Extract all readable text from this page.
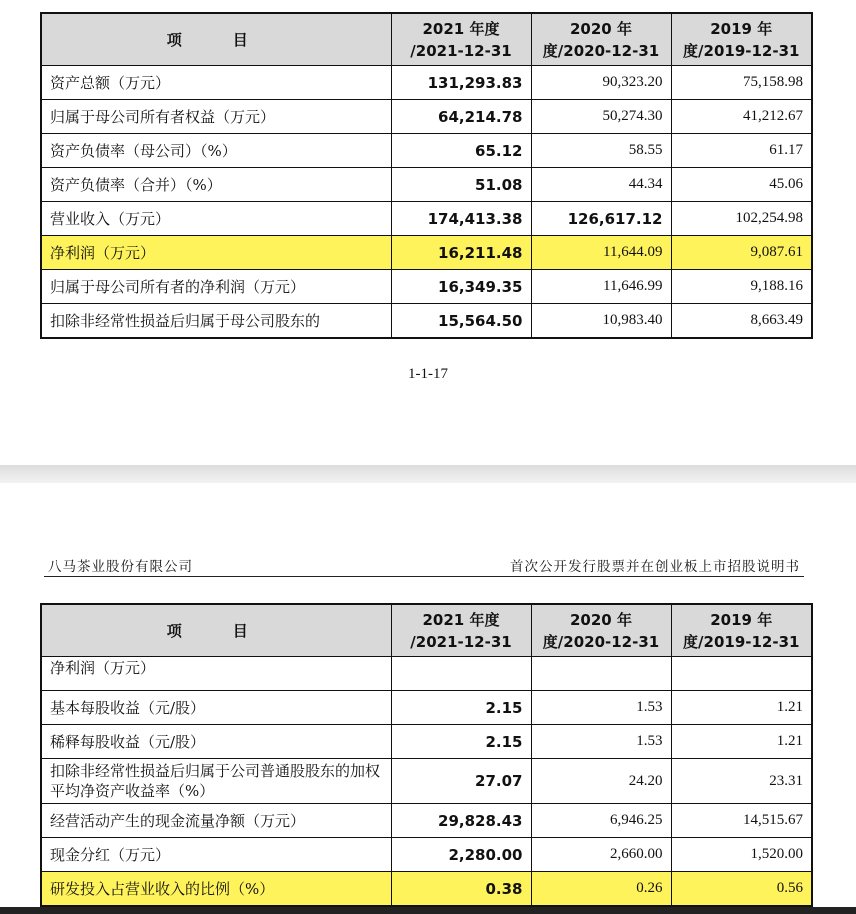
项　目	2021 年度 /2021-12-31	2020 年度/2020-12-31	2019 年度/2019-12-31
资产总额（万元）	131,293.83	90,323.20	75,158.98
归属于母公司所有者权益（万元）	64,214.78	50,274.30	41,212.67
资产负债率（母公司）（%）	65.12	58.55	61.17
资产负债率（合并）（%）	51.08	44.34	45.06
营业收入（万元）	174,413.38	126,617.12	102,254.98
净利润（万元）	16,211.48	11,644.09	9,087.61
归属于母公司所有者的净利润（万元）	16,349.35	11,646.99	9,188.16
扣除非经常性损益后归属于母公司股东的	15,564.50	10,983.40	8,663.49
1-1-17
八马茶业股份有限公司	首次公开发行股票并在创业板上市招股说明书
项　目	2021 年度 /2021-12-31	2020 年度/2020-12-31	2019 年度/2019-12-31
净利润（万元）			
基本每股收益（元/股）	2.15	1.53	1.21
稀释每股收益（元/股）	2.15	1.53	1.21
扣除非经常性损益后归属于公司普通股股东的加权平均净资产收益率（%）	27.07	24.20	23.31
经营活动产生的现金流量净额（万元）	29,828.43	6,946.25	14,515.67
现金分红（万元）	2,280.00	2,660.00	1,520.00
研发投入占营业收入的比例（%）	0.38	0.26	0.56
